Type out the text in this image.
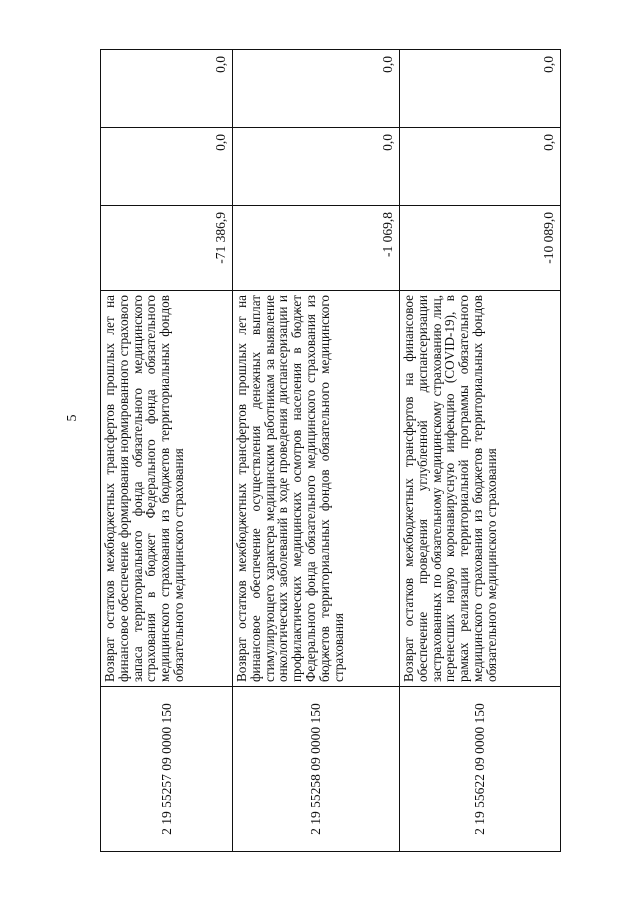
5
2 19 55257 09 0000 150	Возврат остатков межбюджетных трансфертов прошлых лет на финансовое обеспечение формирования нормированного страхового запаса территориального фонда обязательного медицинского страхования в бюджет Федерального фонда обязательного медицинского страхования из бюджетов территориальных фондов обязательного медицинского страхования	-71 386,9	0,0	0,0
2 19 55258 09 0000 150	Возврат остатков межбюджетных трансфертов прошлых лет на финансовое обеспечение осуществления денежных выплат стимулирующего характера медицинским работникам за выявление онкологических заболеваний в ходе проведения диспансеризации и профилактических медицинских осмотров населения в бюджет Федерального фонда обязательного медицинского страхования из бюджетов территориальных фондов обязательного медицинского страхования	-1 069,8	0,0	0,0
2 19 55622 09 0000 150	Возврат остатков межбюджетных трансфертов на финансовое обеспечение проведения углубленной диспансеризации застрахованных по обязательному медицинскому страхованию лиц, перенесших новую коронавирусную инфекцию (COVID-19), в рамках реализации территориальной программы обязательного медицинского страхования из бюджетов территориальных фондов обязательного медицинского страхования	-10 089,0	0,0	0,0
